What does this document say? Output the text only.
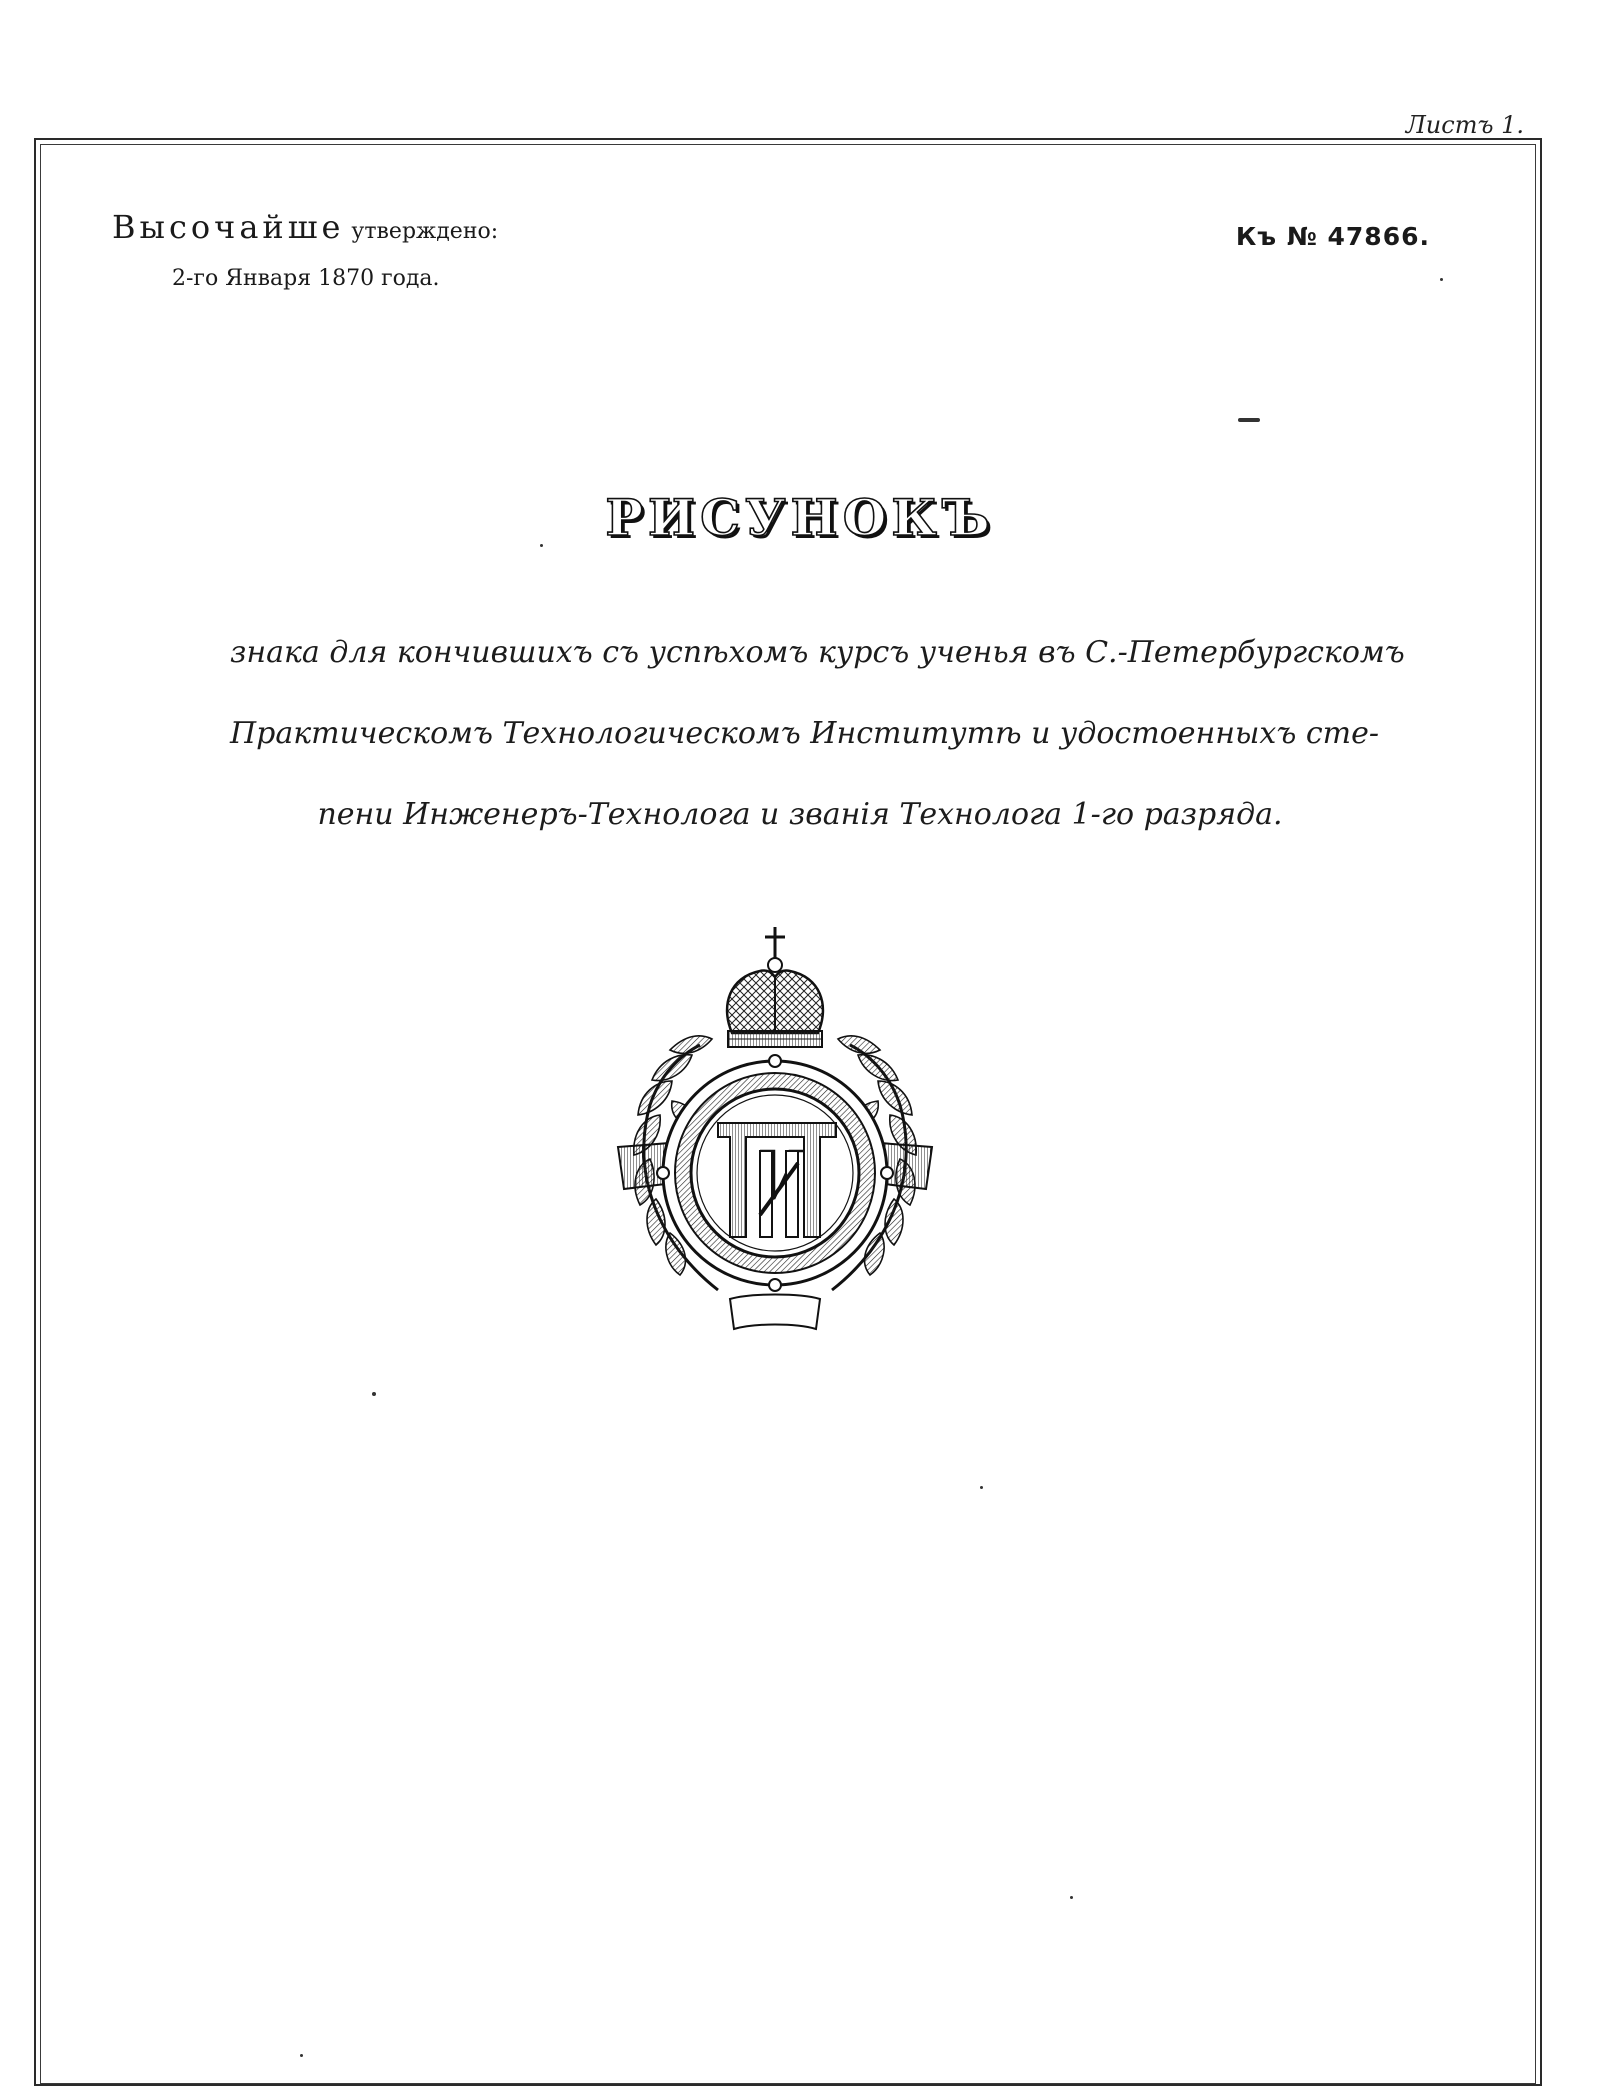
Листъ 1.
Высочайше утверждено:
2-го Января 1870 года.
Къ № 47866.
РИСУНОКЪ
знака для кончившихъ съ успѣхомъ курсъ ученья въ С.-Петербургскомъ
Практическомъ Технологическомъ Институтѣ и удостоенныхъ сте-
пени Инженеръ-Технолога и званія Технолога 1-го разряда.
